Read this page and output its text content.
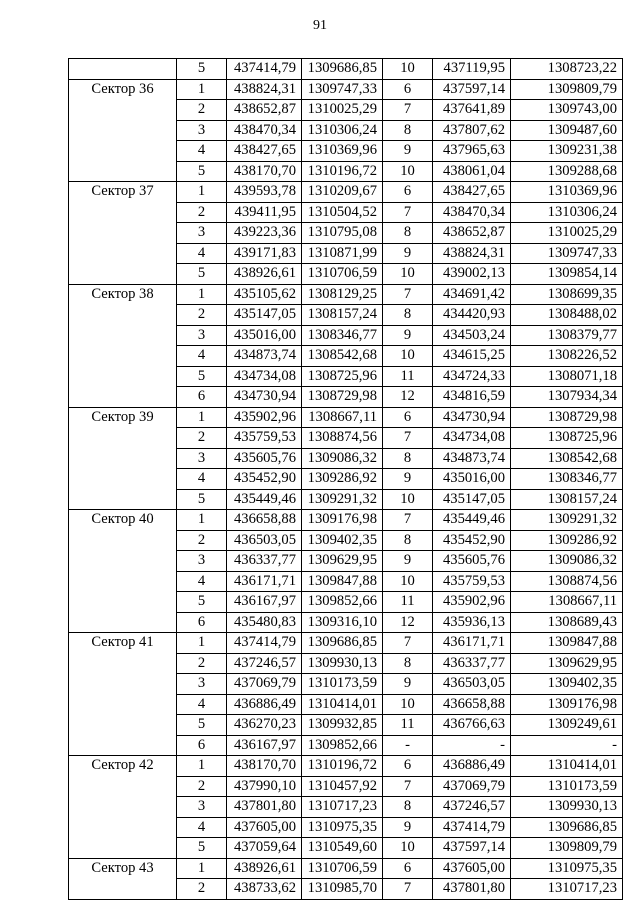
91
	5	437414,79	1309686,85	10	437119,95	1308723,22
Сектор 36	1	438824,31	1309747,33	6	437597,14	1309809,79
	2	438652,87	1310025,29	7	437641,89	1309743,00
	3	438470,34	1310306,24	8	437807,62	1309487,60
	4	438427,65	1310369,96	9	437965,63	1309231,38
	5	438170,70	1310196,72	10	438061,04	1309288,68
Сектор 37	1	439593,78	1310209,67	6	438427,65	1310369,96
	2	439411,95	1310504,52	7	438470,34	1310306,24
	3	439223,36	1310795,08	8	438652,87	1310025,29
	4	439171,83	1310871,99	9	438824,31	1309747,33
	5	438926,61	1310706,59	10	439002,13	1309854,14
Сектор 38	1	435105,62	1308129,25	7	434691,42	1308699,35
	2	435147,05	1308157,24	8	434420,93	1308488,02
	3	435016,00	1308346,77	9	434503,24	1308379,77
	4	434873,74	1308542,68	10	434615,25	1308226,52
	5	434734,08	1308725,96	11	434724,33	1308071,18
	6	434730,94	1308729,98	12	434816,59	1307934,34
Сектор 39	1	435902,96	1308667,11	6	434730,94	1308729,98
	2	435759,53	1308874,56	7	434734,08	1308725,96
	3	435605,76	1309086,32	8	434873,74	1308542,68
	4	435452,90	1309286,92	9	435016,00	1308346,77
	5	435449,46	1309291,32	10	435147,05	1308157,24
Сектор 40	1	436658,88	1309176,98	7	435449,46	1309291,32
	2	436503,05	1309402,35	8	435452,90	1309286,92
	3	436337,77	1309629,95	9	435605,76	1309086,32
	4	436171,71	1309847,88	10	435759,53	1308874,56
	5	436167,97	1309852,66	11	435902,96	1308667,11
	6	435480,83	1309316,10	12	435936,13	1308689,43
Сектор 41	1	437414,79	1309686,85	7	436171,71	1309847,88
	2	437246,57	1309930,13	8	436337,77	1309629,95
	3	437069,79	1310173,59	9	436503,05	1309402,35
	4	436886,49	1310414,01	10	436658,88	1309176,98
	5	436270,23	1309932,85	11	436766,63	1309249,61
	6	436167,97	1309852,66	-	-	-
Сектор 42	1	438170,70	1310196,72	6	436886,49	1310414,01
	2	437990,10	1310457,92	7	437069,79	1310173,59
	3	437801,80	1310717,23	8	437246,57	1309930,13
	4	437605,00	1310975,35	9	437414,79	1309686,85
	5	437059,64	1310549,60	10	437597,14	1309809,79
Сектор 43	1	438926,61	1310706,59	6	437605,00	1310975,35
	2	438733,62	1310985,70	7	437801,80	1310717,23
